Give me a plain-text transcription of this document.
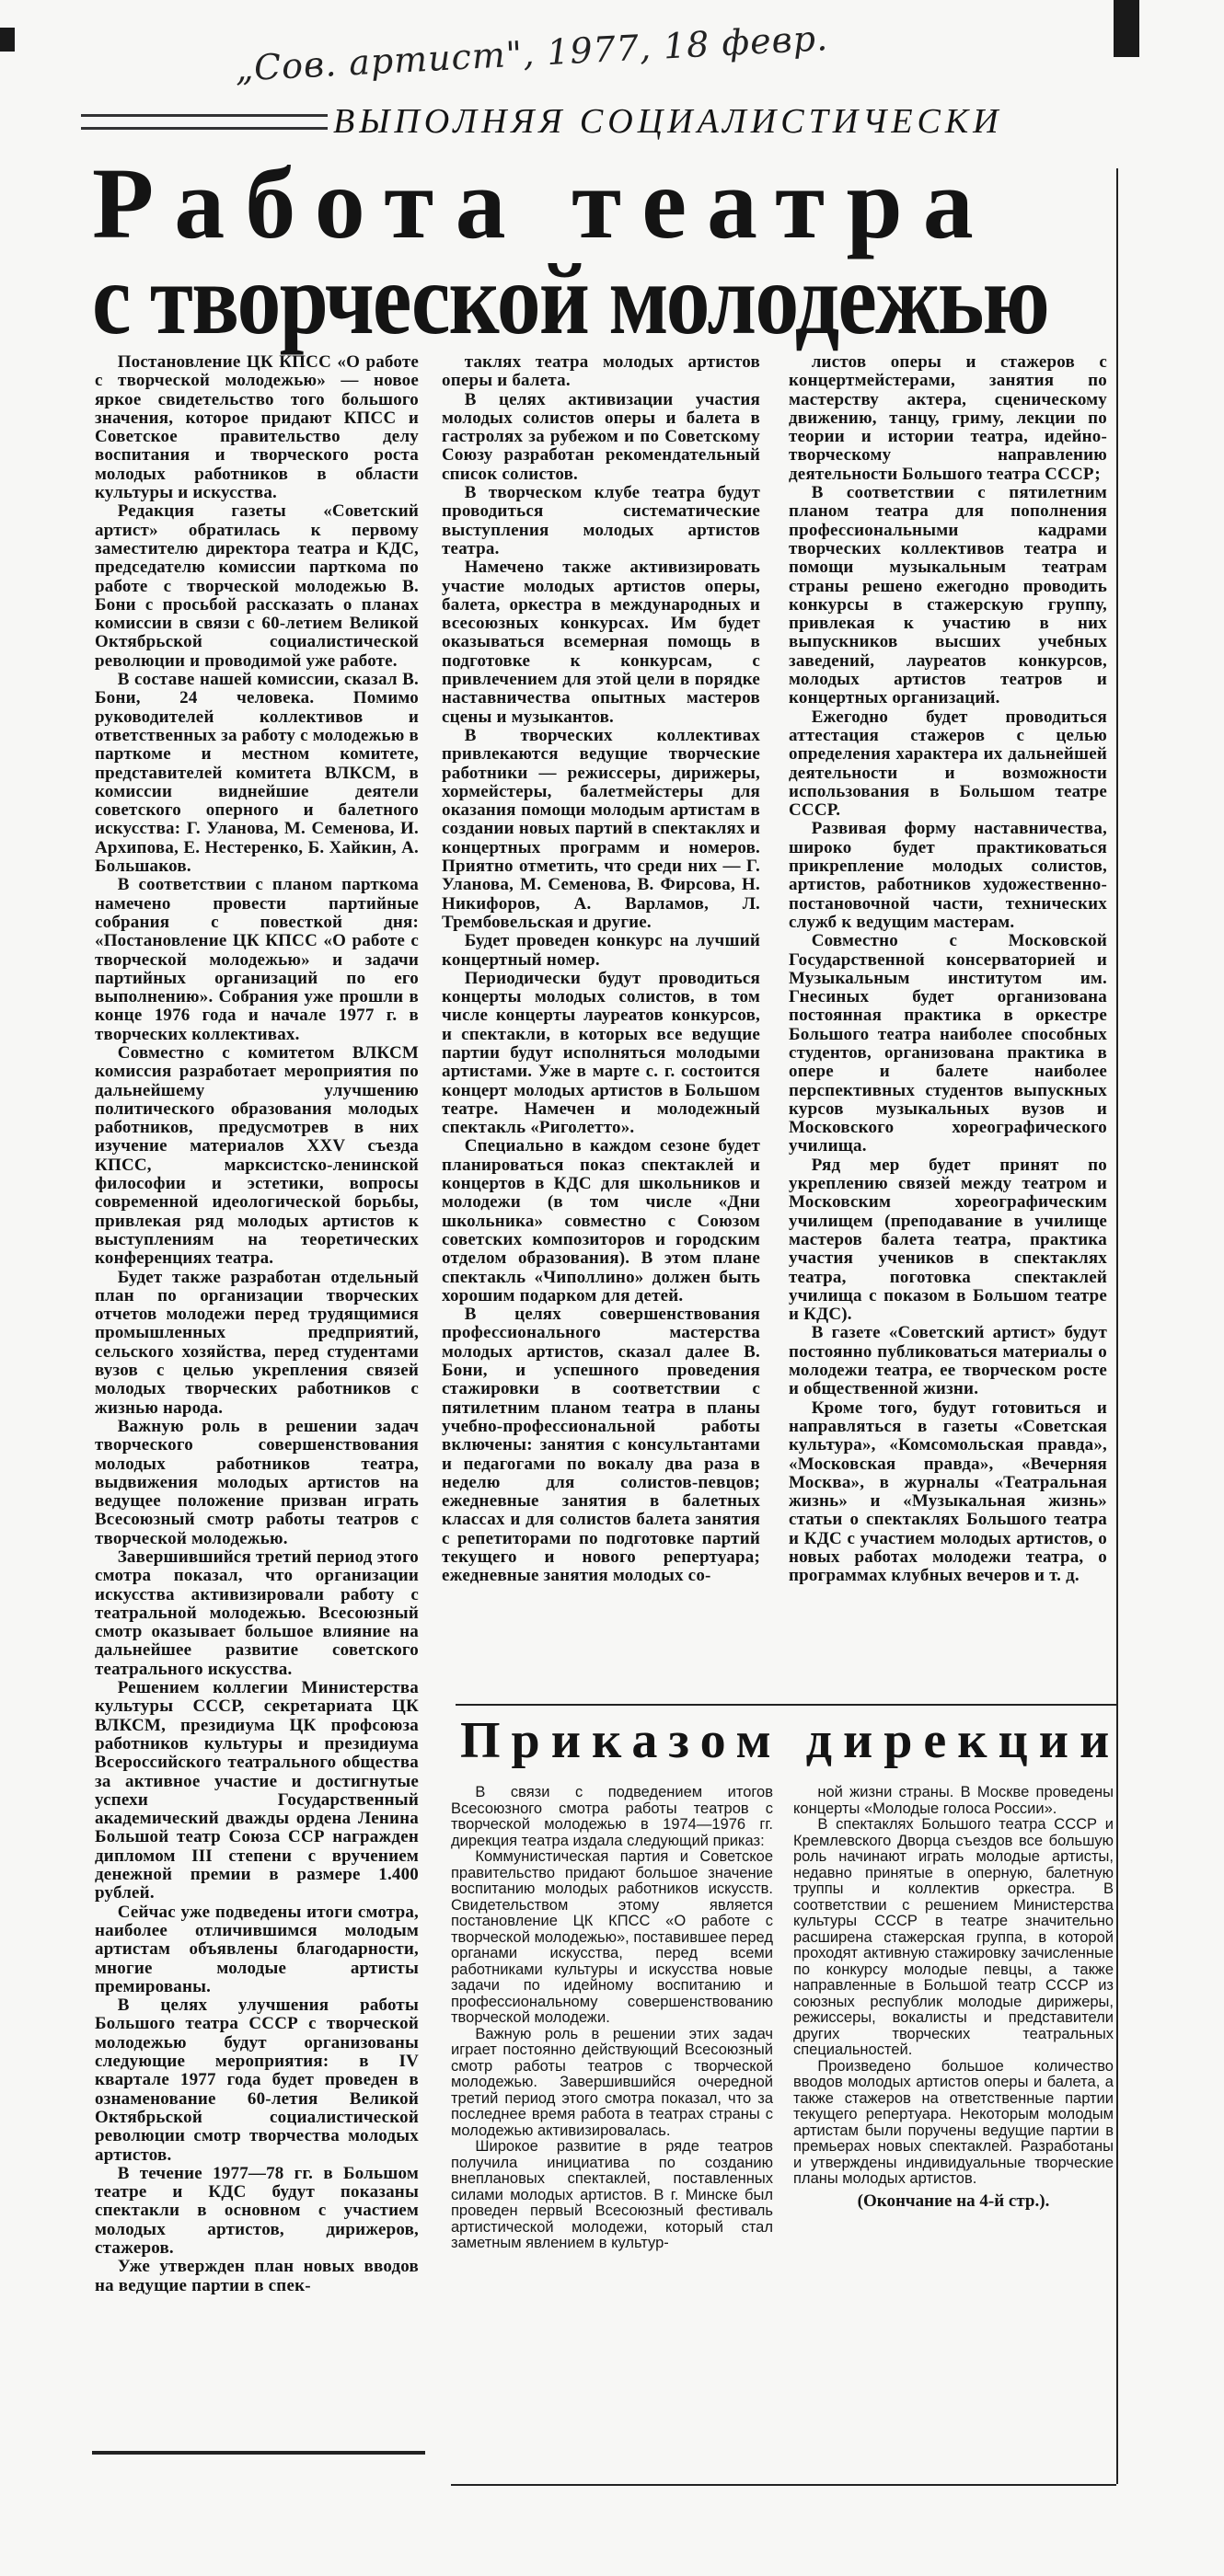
„Сов. артист", 1977, 18 февр.
ВЫПОЛНЯЯ СОЦИАЛИСТИЧЕСКИ
Работа театра
с творческой молодежью

Постановление ЦК КПСС «О работе с творческой молодежью» — новое яркое свидетельство того большого значения, которое придают КПСС и Советское правительство делу воспитания и творческого роста молодых работников в области культуры и искусства.

Редакция газеты «Советский артист» обратилась к первому заместителю директора театра и КДС, председателю комиссии парткома по работе с творческой молодежью В. Бони с просьбой рассказать о планах комиссии в связи с 60-летием Великой Октябрьской социалистической революции и проводимой уже работе.

В составе нашей комиссии, сказал В. Бони, 24 человека. Помимо руководителей коллективов и ответственных за работу с молодежью в парткоме и местном комитете, представителей комитета ВЛКСМ, в комиссии виднейшие деятели советского оперного и балетного искусства: Г. Уланова, М. Семенова, И. Архипова, Е. Нестеренко, Б. Хайкин, А. Большаков.

В соответствии с планом парткома намечено провести партийные собрания с повесткой дня: «Постановление ЦК КПСС «О работе с творческой молодежью» и задачи партийных организаций по его выполнению». Собрания уже прошли в конце 1976 года и начале 1977 г. в творческих коллективах.

Совместно с комитетом ВЛКСМ комиссия разработает мероприятия по дальнейшему улучшению политического образования молодых работников, предусмотрев в них изучение материалов XXV съезда КПСС, марксистско-ленинской философии и эстетики, вопросы современной идеологической борьбы, привлекая ряд молодых артистов к выступлениям на теоретических конференциях театра.

Будет также разработан отдельный план по организации творческих отчетов молодежи перед трудящимися промышленных предприятий, сельского хозяйства, перед студентами вузов с целью укрепления связей молодых творческих работников с жизнью народа.

Важную роль в решении задач творческого совершенствования молодых работников театра, выдвижения молодых артистов на ведущее положение призван играть Всесоюзный смотр работы театров с творческой молодежью.

Завершившийся третий период этого смотра показал, что организации искусства активизировали работу с театральной молодежью. Всесоюзный смотр оказывает большое влияние на дальнейшее развитие советского театрального искусства.

Решением коллегии Министерства культуры СССР, секретариата ЦК ВЛКСМ, президиума ЦК профсоюза работников культуры и президиума Всероссийского театрального общества за активное участие и достигнутые успехи Государственный академический дважды ордена Ленина Большой театр Союза ССР награжден дипломом III степени с вручением денежной премии в размере 1.400 рублей.

Сейчас уже подведены итоги смотра, наиболее отличившимся молодым артистам объявлены благодарности, многие молодые артисты премированы.

В целях улучшения работы Большого театра СССР с творческой молодежью будут организованы следующие мероприятия: в IV квартале 1977 года будет проведен в ознаменование 60-летия Великой Октябрьской социалистической революции смотр творчества молодых артистов.

В течение 1977—78 гг. в Большом театре и КДС будут показаны спектакли в основном с участием молодых артистов, дирижеров, стажеров.

Уже утвержден план новых вводов на ведущие партии в спек-

таклях театра молодых артистов оперы и балета.

В целях активизации участия молодых солистов оперы и балета в гастролях за рубежом и по Советскому Союзу разработан рекомендательный список солистов.

В творческом клубе театра будут проводиться систематические выступления молодых артистов театра.

Намечено также активизировать участие молодых артистов оперы, балета, оркестра в международных и всесоюзных конкурсах. Им будет оказываться всемерная помощь в подготовке к конкурсам, с привлечением для этой цели в порядке наставничества опытных мастеров сцены и музыкантов.

В творческих коллективах привлекаются ведущие творческие работники — режиссеры, дирижеры, хормейстеры, балетмейстеры для оказания помощи молодым артистам в создании новых партий в спектаклях и концертных программ и номеров. Приятно отметить, что среди них — Г. Уланова, М. Семенова, В. Фирсова, Н. Никифоров, А. Варламов, Л. Трембовельская и другие.

Будет проведен конкурс на лучший концертный номер.

Периодически будут проводиться концерты молодых солистов, в том числе концерты лауреатов конкурсов, и спектакли, в которых все ведущие партии будут исполняться молодыми артистами. Уже в марте с. г. состоится концерт молодых артистов в Большом театре. Намечен и молодежный спектакль «Риголетто».

Специально в каждом сезоне будет планироваться показ спектаклей и концертов в КДС для школьников и молодежи (в том числе «Дни школьника» совместно с Союзом советских композиторов и городским отделом образования). В этом плане спектакль «Чиполлино» должен быть хорошим подарком для детей.

В целях совершенствования профессионального мастерства молодых артистов, сказал далее В. Бони, и успешного проведения стажировки в соответствии с пятилетним планом театра в планы учебно-профессиональной работы включены: занятия с консультантами и педагогами по вокалу два раза в неделю для солистов-певцов; ежедневные занятия в балетных классах и для солистов балета занятия с репетиторами по подготовке партий текущего и нового репертуара; ежедневные занятия молодых со-

листов оперы и стажеров с концертмейстерами, занятия по мастерству актера, сценическому движению, танцу, гриму, лекции по теории и истории театра, идейно-творческому направлению деятельности Большого театра СССР;

В соответствии с пятилетним планом театра для пополнения профессиональными кадрами творческих коллективов театра и помощи музыкальным театрам страны решено ежегодно проводить конкурсы в стажерскую группу, привлекая к участию в них выпускников высших учебных заведений, лауреатов конкурсов, молодых артистов театров и концертных организаций.

Ежегодно будет проводиться аттестация стажеров с целью определения характера их дальнейшей деятельности и возможности использования в Большом театре СССР.

Развивая форму наставничества, широко будет практиковаться прикрепление молодых солистов, артистов, работников художественно-постановочной части, технических служб к ведущим мастерам.

Совместно с Московской Государственной консерваторией и Музыкальным институтом им. Гнесиных будет организована постоянная практика в оркестре Большого театра наиболее способных студентов, организована практика в опере и балете наиболее перспективных студентов выпускных курсов музыкальных вузов и Московского хореографического училища.

Ряд мер будет принят по укреплению связей между театром и Московским хореографическим училищем (преподавание в училище мастеров балета театра, практика участия учеников в спектаклях театра, поготовка спектаклей училища с показом в Большом театре и КДС).

В газете «Советский артист» будут постоянно публиковаться материалы о молодежи театра, ее творческом росте и общественной жизни.

Кроме того, будут готовиться и направляться в газеты «Советская культура», «Комсомольская правда», «Московская правда», «Вечерняя Москва», в журналы «Театральная жизнь» и «Музыкальная жизнь» статьи о спектаклях Большого театра и КДС с участием молодых артистов, о новых работах молодежи театра, о программах клубных вечеров и т. д.

Приказом дирекции

В связи с подведением итогов Всесоюзного смотра работы театров с творческой молодежью в 1974—1976 гг. дирекция театра издала следующий приказ:

Коммунистическая партия и Советское правительство придают большое значение воспитанию молодых работников искусств. Свидетельством этому является постановление ЦК КПСС «О работе с творческой молодежью», поставившее перед органами искусства, перед всеми работниками культуры и искусства новые задачи по идейному воспитанию и профессиональному совершенствованию творческой молодежи.

Важную роль в решении этих задач играет постоянно действующий Всесоюзный смотр работы театров с творческой молодежью. Завершившийся очередной третий период этого смотра показал, что за последнее время работа в театрах страны с молодежью активизировалась.

Широкое развитие в ряде театров получила инициатива по созданию внеплановых спектаклей, поставленных силами молодых артистов. В г. Минске был проведен первый Всесоюзный фестиваль артистической молодежи, который стал заметным явлением в культур-

ной жизни страны. В Москве проведены концерты «Молодые голоса России».

В спектаклях Большого театра СССР и Кремлевского Дворца съездов все большую роль начинают играть молодые артисты, недавно принятые в оперную, балетную труппы и коллектив оркестра. В соответствии с решением Министерства культуры СССР в театре значительно расширена стажерская группа, в которой проходят активную стажировку зачисленные по конкурсу молодые певцы, а также направленные в Большой театр СССР из союзных республик молодые дирижеры, режиссеры, вокалисты и представители других творческих театральных специальностей.

Произведено большое количество вводов молодых артистов оперы и балета, а также стажеров на ответственные партии текущего репертуара. Некоторым молодым артистам были поручены ведущие партии в премьерах новых спектаклей. Разработаны и утверждены индивидуальные творческие планы молодых артистов.

(Окончание на 4-й стр.).
